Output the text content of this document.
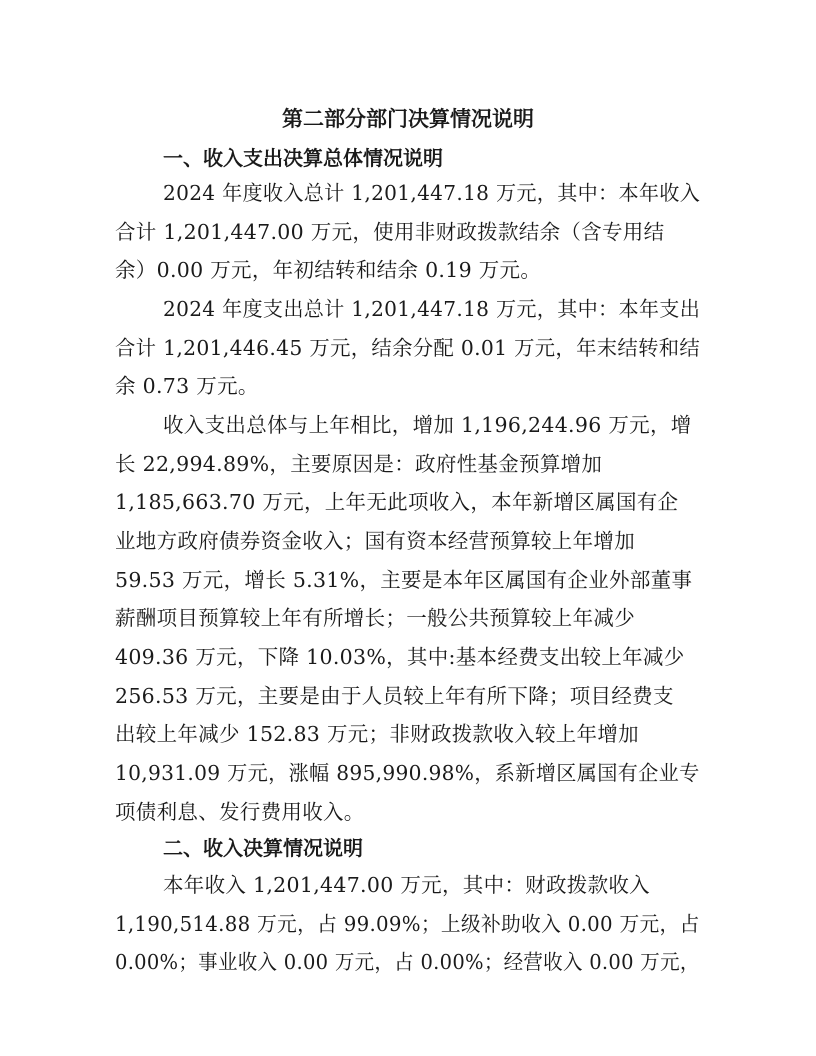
第二部分部门决算情况说明
一、收入支出决算总体情况说明
2024 年度收入总计 1,201,447.18 万元，其中：本年收入
合计 1,201,447.00 万元，使用非财政拨款结余（含专用结
余）0.00 万元，年初结转和结余 0.19 万元。
2024 年度支出总计 1,201,447.18 万元，其中：本年支出
合计 1,201,446.45 万元，结余分配 0.01 万元，年末结转和结
余 0.73 万元。
收入支出总体与上年相比，增加 1,196,244.96 万元，增
长 22,994.89%，主要原因是：政府性基金预算增加
1,185,663.70 万元，上年无此项收入，本年新增区属国有企
业地方政府债券资金收入；国有资本经营预算较上年增加
59.53 万元，增长 5.31%，主要是本年区属国有企业外部董事
薪酬项目预算较上年有所增长；一般公共预算较上年减少
409.36 万元，下降 10.03%，其中:基本经费支出较上年减少
256.53 万元，主要是由于人员较上年有所下降；项目经费支
出较上年减少 152.83 万元；非财政拨款收入较上年增加
10,931.09 万元，涨幅 895,990.98%，系新增区属国有企业专
项债利息、发行费用收入。
二、收入决算情况说明
本年收入 1,201,447.00 万元，其中：财政拨款收入
1,190,514.88 万元，占 99.09%；上级补助收入 0.00 万元，占
0.00%；事业收入 0.00 万元，占 0.00%；经营收入 0.00 万元，
